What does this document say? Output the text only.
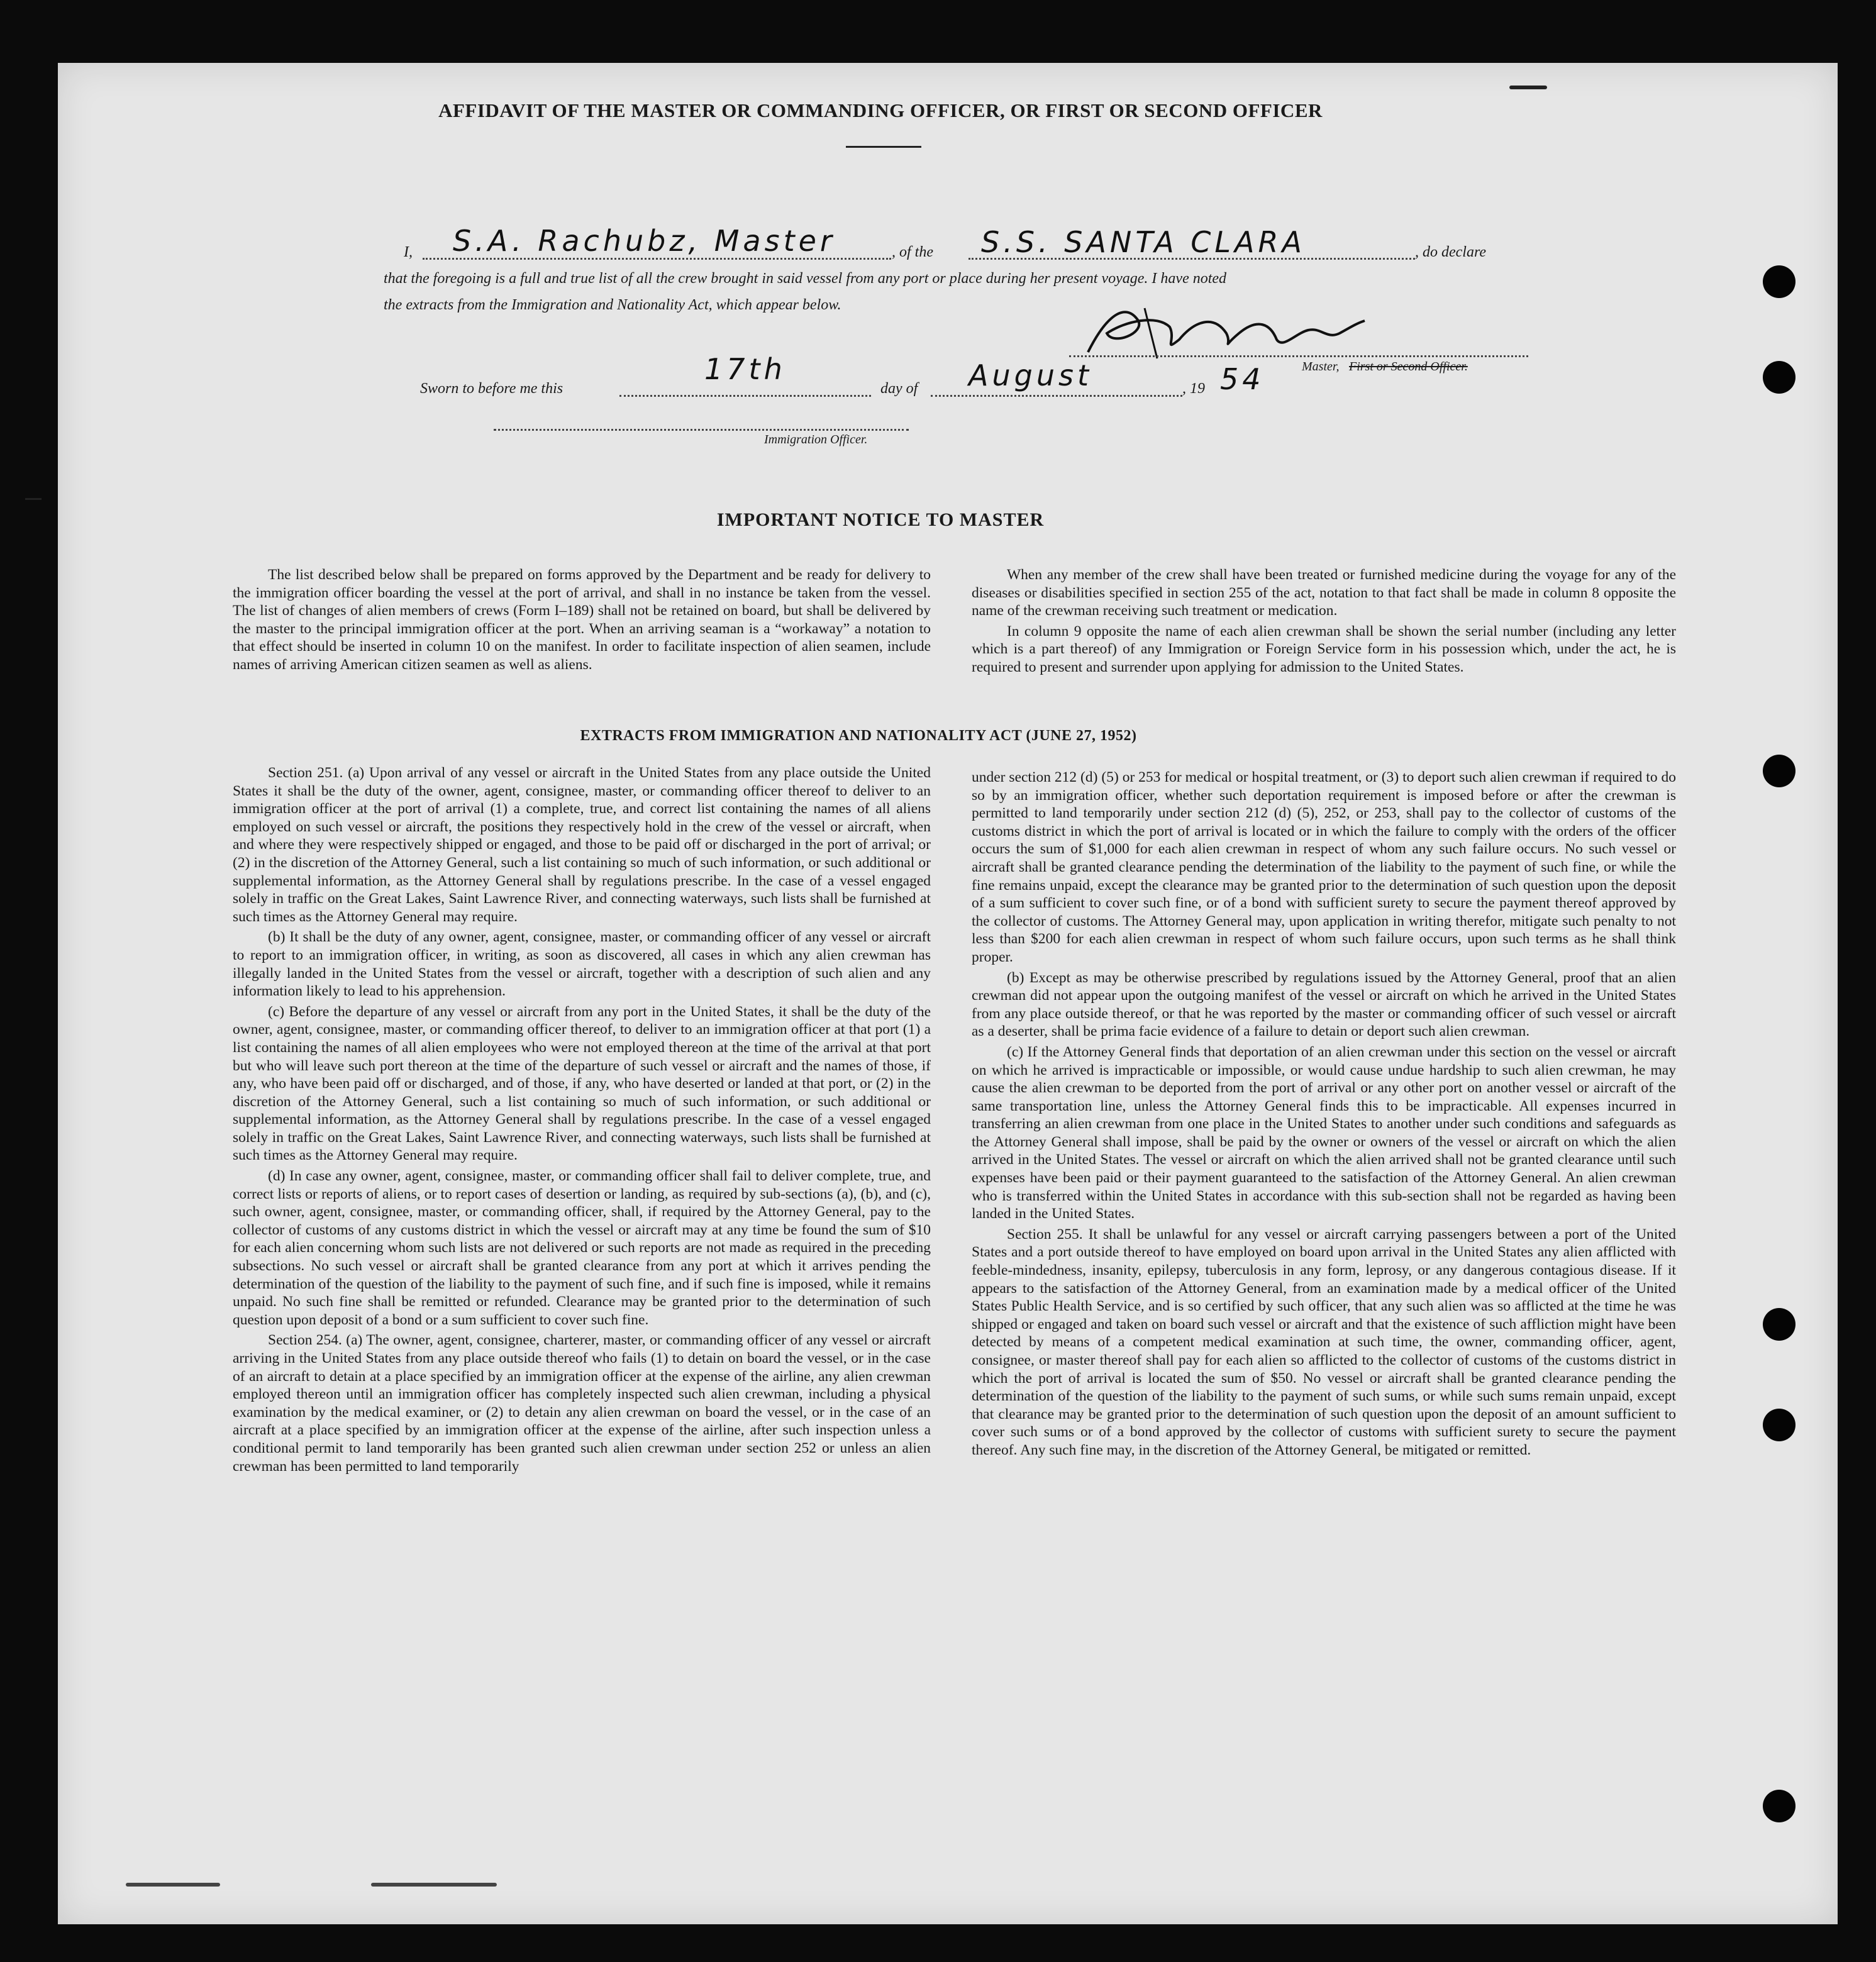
AFFIDAVIT OF THE MASTER OR COMMANDING OFFICER, OR FIRST OR SECOND OFFICER
I, S.A. Rachubz, Master	, of the S.S. SANTA CLARA	, do declare
that the foregoing is a full and true list of all the crew brought in said vessel from any port or place during her present voyage. I have noted
the extracts from the Immigration and Nationality Act, which appear below.
Master, First or Second Officer.
Sworn to before me this
17th
day of August	, 19 54
Immigration Officer.
IMPORTANT NOTICE TO MASTER

The list described below shall be prepared on forms approved by the Department and be ready for delivery to the immigration officer boarding the vessel at the port of arrival, and shall in no instance be taken from the vessel. The list of changes of alien members of crews (Form I–189) shall not be retained on board, but shall be delivered by the master to the principal immigration officer at the port. When an arriving seaman is a “workaway” a notation to that effect should be inserted in column 10 on the manifest. In order to facilitate inspection of alien seamen, include names of arriving American citizen seamen as well as aliens.

When any member of the crew shall have been treated or furnished medicine during the voyage for any of the diseases or disabilities specified in section 255 of the act, notation to that fact shall be made in column 8 opposite the name of the crewman receiving such treatment or medication.

In column 9 opposite the name of each alien crewman shall be shown the serial number (including any letter which is a part thereof) of any Immigration or Foreign Service form in his possession which, under the act, he is required to present and surrender upon applying for admission to the United States.

EXTRACTS FROM IMMIGRATION AND NATIONALITY ACT (JUNE 27, 1952)

Section 251. (a) Upon arrival of any vessel or aircraft in the United States from any place outside the United States it shall be the duty of the owner, agent, consignee, master, or commanding officer thereof to deliver to an immigration officer at the port of arrival (1) a complete, true, and correct list containing the names of all aliens employed on such vessel or aircraft, the positions they respectively hold in the crew of the vessel or aircraft, when and where they were respectively shipped or engaged, and those to be paid off or discharged in the port of arrival; or (2) in the discretion of the Attorney General, such a list containing so much of such information, or such additional or supplemental information, as the Attorney General shall by regulations prescribe. In the case of a vessel engaged solely in traffic on the Great Lakes, Saint Lawrence River, and connecting waterways, such lists shall be furnished at such times as the Attorney General may require.

(b) It shall be the duty of any owner, agent, consignee, master, or commanding officer of any vessel or aircraft to report to an immigration officer, in writing, as soon as discovered, all cases in which any alien crewman has illegally landed in the United States from the vessel or aircraft, together with a description of such alien and any information likely to lead to his apprehension.

(c) Before the departure of any vessel or aircraft from any port in the United States, it shall be the duty of the owner, agent, consignee, master, or commanding officer thereof, to deliver to an immigration officer at that port (1) a list containing the names of all alien employees who were not employed thereon at the time of the arrival at that port but who will leave such port thereon at the time of the departure of such vessel or aircraft and the names of those, if any, who have been paid off or discharged, and of those, if any, who have deserted or landed at that port, or (2) in the discretion of the Attorney General, such a list containing so much of such information, or such additional or supplemental information, as the Attorney General shall by regulations prescribe. In the case of a vessel engaged solely in traffic on the Great Lakes, Saint Lawrence River, and connecting waterways, such lists shall be furnished at such times as the Attorney General may require.

(d) In case any owner, agent, consignee, master, or commanding officer shall fail to deliver complete, true, and correct lists or reports of aliens, or to report cases of desertion or landing, as required by sub-sections (a), (b), and (c), such owner, agent, consignee, master, or commanding officer, shall, if required by the Attorney General, pay to the collector of customs of any customs district in which the vessel or aircraft may at any time be found the sum of $10 for each alien concerning whom such lists are not delivered or such reports are not made as required in the preceding subsections. No such vessel or aircraft shall be granted clearance from any port at which it arrives pending the determination of the question of the liability to the payment of such fine, and if such fine is imposed, while it remains unpaid. No such fine shall be remitted or refunded. Clearance may be granted prior to the determination of such question upon deposit of a bond or a sum sufficient to cover such fine.

Section 254. (a) The owner, agent, consignee, charterer, master, or commanding officer of any vessel or aircraft arriving in the United States from any place outside thereof who fails (1) to detain on board the vessel, or in the case of an aircraft to detain at a place specified by an immigration officer at the expense of the airline, any alien crewman employed thereon until an immigration officer has completely inspected such alien crewman, including a physical examination by the medical examiner, or (2) to detain any alien crewman on board the vessel, or in the case of an aircraft at a place specified by an immigration officer at the expense of the airline, after such inspection unless a conditional permit to land temporarily has been granted such alien crewman under section 252 or unless an alien crewman has been permitted to land temporarily

under section 212 (d) (5) or 253 for medical or hospital treatment, or (3) to deport such alien crewman if required to do so by an immigration officer, whether such deportation requirement is imposed before or after the crewman is permitted to land temporarily under section 212 (d) (5), 252, or 253, shall pay to the collector of customs of the customs district in which the port of arrival is located or in which the failure to comply with the orders of the officer occurs the sum of $1,000 for each alien crewman in respect of whom any such failure occurs. No such vessel or aircraft shall be granted clearance pending the determination of the liability to the payment of such fine, or while the fine remains unpaid, except the clearance may be granted prior to the determination of such question upon the deposit of a sum sufficient to cover such fine, or of a bond with sufficient surety to secure the payment thereof approved by the collector of customs. The Attorney General may, upon application in writing therefor, mitigate such penalty to not less than $200 for each alien crewman in respect of whom such failure occurs, upon such terms as he shall think proper.

(b) Except as may be otherwise prescribed by regulations issued by the Attorney General, proof that an alien crewman did not appear upon the outgoing manifest of the vessel or aircraft on which he arrived in the United States from any place outside thereof, or that he was reported by the master or commanding officer of such vessel or aircraft as a deserter, shall be prima facie evidence of a failure to detain or deport such alien crewman.

(c) If the Attorney General finds that deportation of an alien crewman under this section on the vessel or aircraft on which he arrived is impracticable or impossible, or would cause undue hardship to such alien crewman, he may cause the alien crewman to be deported from the port of arrival or any other port on another vessel or aircraft of the same transportation line, unless the Attorney General finds this to be impracticable. All expenses incurred in transferring an alien crewman from one place in the United States to another under such conditions and safeguards as the Attorney General shall impose, shall be paid by the owner or owners of the vessel or aircraft on which the alien arrived in the United States. The vessel or aircraft on which the alien arrived shall not be granted clearance until such expenses have been paid or their payment guaranteed to the satisfaction of the Attorney General. An alien crewman who is transferred within the United States in accordance with this sub-section shall not be regarded as having been landed in the United States.

Section 255. It shall be unlawful for any vessel or aircraft carrying passengers between a port of the United States and a port outside thereof to have employed on board upon arrival in the United States any alien afflicted with feeble-mindedness, insanity, epilepsy, tuberculosis in any form, leprosy, or any dangerous contagious disease. If it appears to the satisfaction of the Attorney General, from an examination made by a medical officer of the United States Public Health Service, and is so certified by such officer, that any such alien was so afflicted at the time he was shipped or engaged and taken on board such vessel or aircraft and that the existence of such affliction might have been detected by means of a competent medical examination at such time, the owner, commanding officer, agent, consignee, or master thereof shall pay for each alien so afflicted to the collector of customs of the customs district in which the port of arrival is located the sum of $50. No vessel or aircraft shall be granted clearance pending the determination of the question of the liability to the payment of such sums, or while such sums remain unpaid, except that clearance may be granted prior to the determination of such question upon the deposit of an amount sufficient to cover such sums or of a bond approved by the collector of customs with sufficient surety to secure the payment thereof. Any such fine may, in the discretion of the Attorney General, be mitigated or remitted.
